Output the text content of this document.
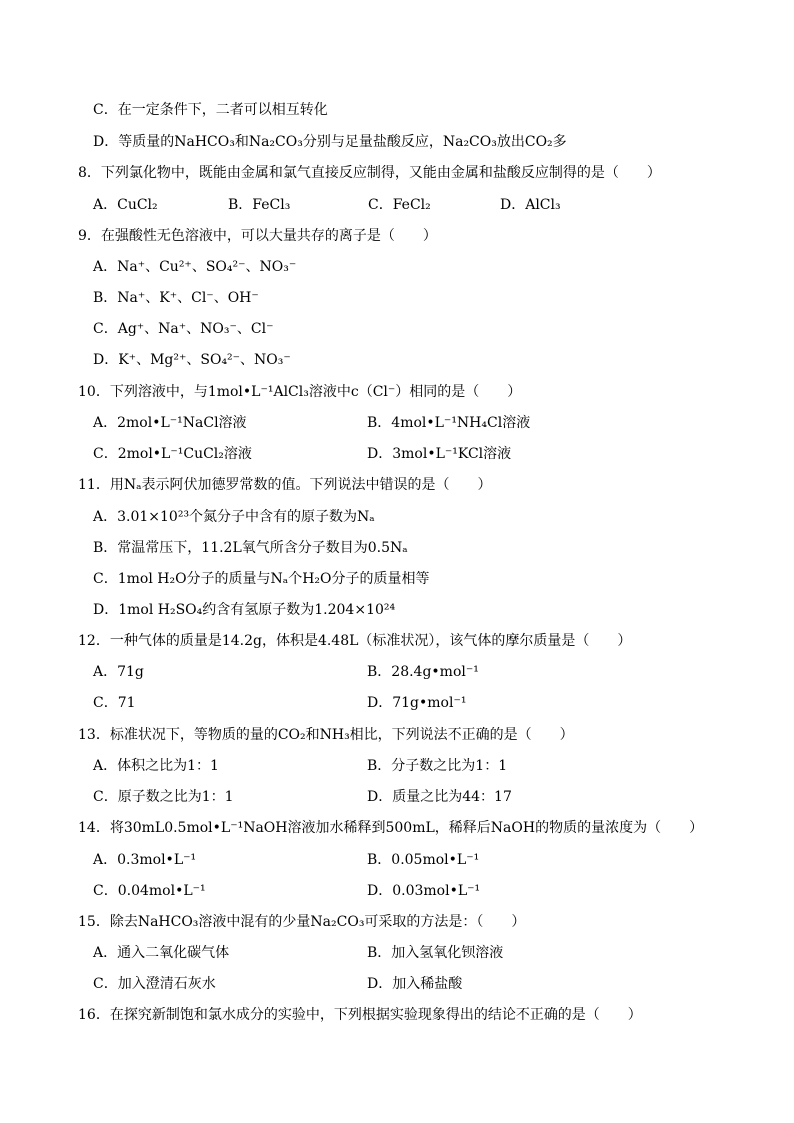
C．在一定条件下，二者可以相互转化
D．等质量的NaHCO₃和Na₂CO₃分别与足量盐酸反应，Na₂CO₃放出CO₂多
8．下列氯化物中，既能由金属和氯气直接反应制得，又能由金属和盐酸反应制得的是（　　）
A．CuCl₂	B．FeCl₃	C．FeCl₂	D．AlCl₃
9．在强酸性无色溶液中，可以大量共存的离子是（　　）
A．Na⁺、Cu²⁺、SO₄²⁻、NO₃⁻
B．Na⁺、K⁺、Cl⁻、OH⁻
C．Ag⁺、Na⁺、NO₃⁻、Cl⁻
D．K⁺、Mg²⁺、SO₄²⁻、NO₃⁻
10．下列溶液中，与1mol•L⁻¹AlCl₃溶液中c（Cl⁻）相同的是（　　）
A．2mol•L⁻¹NaCl溶液	B．4mol•L⁻¹NH₄Cl溶液
C．2mol•L⁻¹CuCl₂溶液	D．3mol•L⁻¹KCl溶液
11．用Nₐ表示阿伏加德罗常数的值。下列说法中错误的是（　　）
A．3.01×10²³个氮分子中含有的原子数为Nₐ
B．常温常压下，11.2L氧气所含分子数目为0.5Nₐ
C．1mol H₂O分子的质量与Nₐ个H₂O分子的质量相等
D．1mol H₂SO₄约含有氢原子数为1.204×10²⁴
12．一种气体的质量是14.2g，体积是4.48L（标准状况），该气体的摩尔质量是（　　）
A．71g	B．28.4g•mol⁻¹
C．71	D．71g•mol⁻¹
13．标准状况下，等物质的量的CO₂和NH₃相比，下列说法不正确的是（　　）
A．体积之比为1：1	B．分子数之比为1：1
C．原子数之比为1：1	D．质量之比为44：17
14．将30mL0.5mol•L⁻¹NaOH溶液加水稀释到500mL，稀释后NaOH的物质的量浓度为（　　）
A．0.3mol•L⁻¹	B．0.05mol•L⁻¹
C．0.04mol•L⁻¹	D．0.03mol•L⁻¹
15．除去NaHCO₃溶液中混有的少量Na₂CO₃可采取的方法是：（　　）
A．通入二氧化碳气体	B．加入氢氧化钡溶液
C．加入澄清石灰水	D．加入稀盐酸
16．在探究新制饱和氯水成分的实验中，下列根据实验现象得出的结论不正确的是（　　）
